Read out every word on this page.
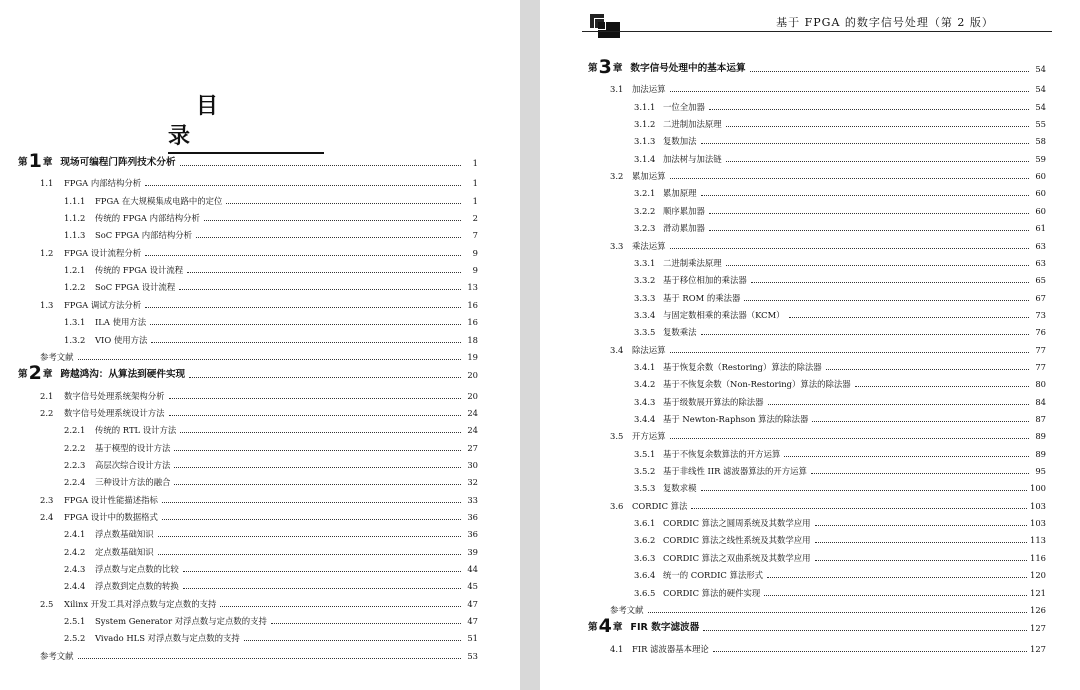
目　录
第 1 章 现场可编程门阵列技术分析	1
1.1	FPGA 内部结构分析	1
1.1.1	FPGA 在大规模集成电路中的定位	1
1.1.2	传统的 FPGA 内部结构分析	2
1.1.3	SoC FPGA 内部结构分析	7
1.2	FPGA 设计流程分析	9
1.2.1	传统的 FPGA 设计流程	9
1.2.2	SoC FPGA 设计流程	13
1.3	FPGA 调试方法分析	16
1.3.1	ILA 使用方法	16
1.3.2	VIO 使用方法	18
参考文献	19
第 2 章 跨越鸿沟：从算法到硬件实现	20
2.1	数字信号处理系统架构分析	20
2.2	数字信号处理系统设计方法	24
2.2.1	传统的 RTL 设计方法	24
2.2.2	基于模型的设计方法	27
2.2.3	高层次综合设计方法	30
2.2.4	三种设计方法的融合	32
2.3	FPGA 设计性能描述指标	33
2.4	FPGA 设计中的数据格式	36
2.4.1	浮点数基础知识	36
2.4.2	定点数基础知识	39
2.4.3	浮点数与定点数的比较	44
2.4.4	浮点数到定点数的转换	45
2.5	Xilinx 开发工具对浮点数与定点数的支持	47
2.5.1	System Generator 对浮点数与定点数的支持	47
2.5.2	Vivado HLS 对浮点数与定点数的支持	51
参考文献	53
基于 FPGA 的数字信号处理（第 2 版）
第 3 章 数字信号处理中的基本运算	54
3.1	加法运算	54
3.1.1 一位全加器	54
3.1.2 二进制加法原理	55
3.1.3 复数加法	58
3.1.4 加法树与加法链	59
3.2	累加运算	60
3.2.1 累加原理	60
3.2.2 顺序累加器	60
3.2.3 滑动累加器	61
3.3	乘法运算	63
3.3.1 二进制乘法原理	63
3.3.2 基于移位相加的乘法器	65
3.3.3 基于 ROM 的乘法器	67
3.3.4 与固定数相乘的乘法器（KCM）	73
3.3.5 复数乘法	76
3.4	除法运算	77
3.4.1 基于恢复余数（Restoring）算法的除法器	77
3.4.2 基于不恢复余数（Non-Restoring）算法的除法器	80
3.4.3 基于级数展开算法的除法器	84
3.4.4 基于 Newton-Raphson 算法的除法器	87
3.5	开方运算	89
3.5.1 基于不恢复余数算法的开方运算	89
3.5.2 基于非线性 IIR 滤波器算法的开方运算	95
3.5.3 复数求模	100
3.6	CORDIC 算法	103
3.6.1 CORDIC 算法之圆周系统及其数学应用	103
3.6.2 CORDIC 算法之线性系统及其数学应用	113
3.6.3 CORDIC 算法之双曲系统及其数学应用	116
3.6.4 统一的 CORDIC 算法形式	120
3.6.5 CORDIC 算法的硬件实现	121
参考文献	126
第 4 章 FIR 数字滤波器	127
4.1	FIR 滤波器基本理论	127
